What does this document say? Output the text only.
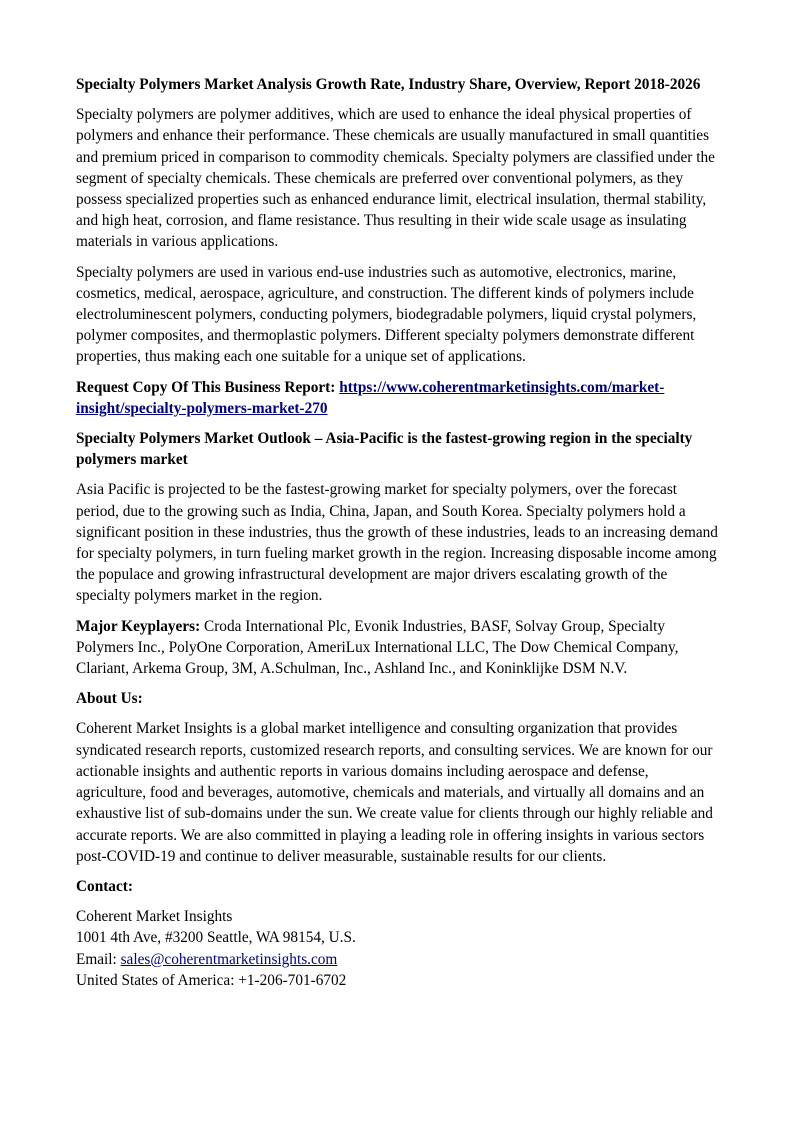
Specialty Polymers Market Analysis Growth Rate, Industry Share, Overview, Report 2018-2026

Specialty polymers are polymer additives, which are used to enhance the ideal physical properties of polymers and enhance their performance. These chemicals are usually manufactured in small quantities and premium priced in comparison to commodity chemicals. Specialty polymers are classified under the segment of specialty chemicals. These chemicals are preferred over conventional polymers, as they possess specialized properties such as enhanced endurance limit, electrical insulation, thermal stability, and high heat, corrosion, and flame resistance. Thus resulting in their wide scale usage as insulating materials in various applications.

Specialty polymers are used in various end-use industries such as automotive, electronics, marine, cosmetics, medical, aerospace, agriculture, and construction. The different kinds of polymers include electroluminescent polymers, conducting polymers, biodegradable polymers, liquid crystal polymers, polymer composites, and thermoplastic polymers. Different specialty polymers demonstrate different properties, thus making each one suitable for a unique set of applications.

Request Copy Of This Business Report: https://www.coherentmarketinsights.com/market-insight/specialty-polymers-market-270

Specialty Polymers Market Outlook – Asia-Pacific is the fastest-growing region in the specialty polymers market

Asia Pacific is projected to be the fastest-growing market for specialty polymers, over the forecast period, due to the growing such as India, China, Japan, and South Korea. Specialty polymers hold a significant position in these industries, thus the growth of these industries, leads to an increasing demand for specialty polymers, in turn fueling market growth in the region. Increasing disposable income among the populace and growing infrastructural development are major drivers escalating growth of the specialty polymers market in the region.

Major Keyplayers: Croda International Plc, Evonik Industries, BASF, Solvay Group, Specialty Polymers Inc., PolyOne Corporation, AmeriLux International LLC, The Dow Chemical Company, Clariant, Arkema Group, 3M, A.Schulman, Inc., Ashland Inc., and Koninklijke DSM N.V.

About Us:

Coherent Market Insights is a global market intelligence and consulting organization that provides syndicated research reports, customized research reports, and consulting services. We are known for our actionable insights and authentic reports in various domains including aerospace and defense, agriculture, food and beverages, automotive, chemicals and materials, and virtually all domains and an exhaustive list of sub-domains under the sun. We create value for clients through our highly reliable and accurate reports. We are also committed in playing a leading role in offering insights in various sectors post-COVID-19 and continue to deliver measurable, sustainable results for our clients.

Contact:

Coherent Market Insights
1001 4th Ave, #3200 Seattle, WA 98154, U.S.
Email: sales@coherentmarketinsights.com
United States of America: +1-206-701-6702
